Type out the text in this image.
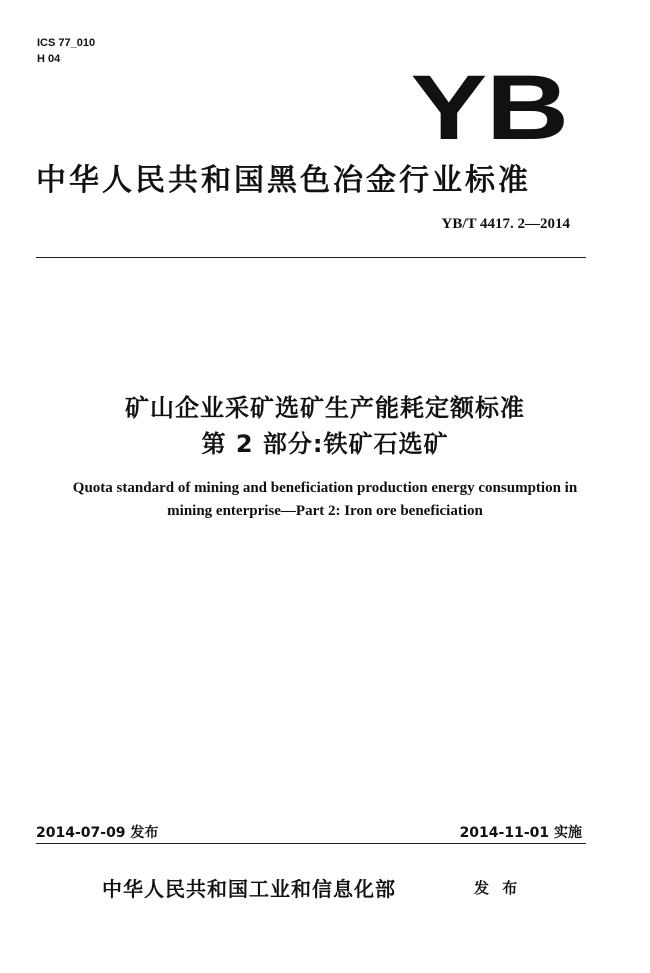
ICS 77_010
H 04	YB
中华人民共和国黑色冶金行业标准
YB/T 4417. 2—2014
矿山企业采矿选矿生产能耗定额标准
第 2 部分:铁矿石选矿
Quota standard of mining and beneficiation production energy consumption in
mining enterprise—Part 2: Iron ore beneficiation
2014-07-09 发布	2014-11-01 实施
中华人民共和国工业和信息化部	发 布
